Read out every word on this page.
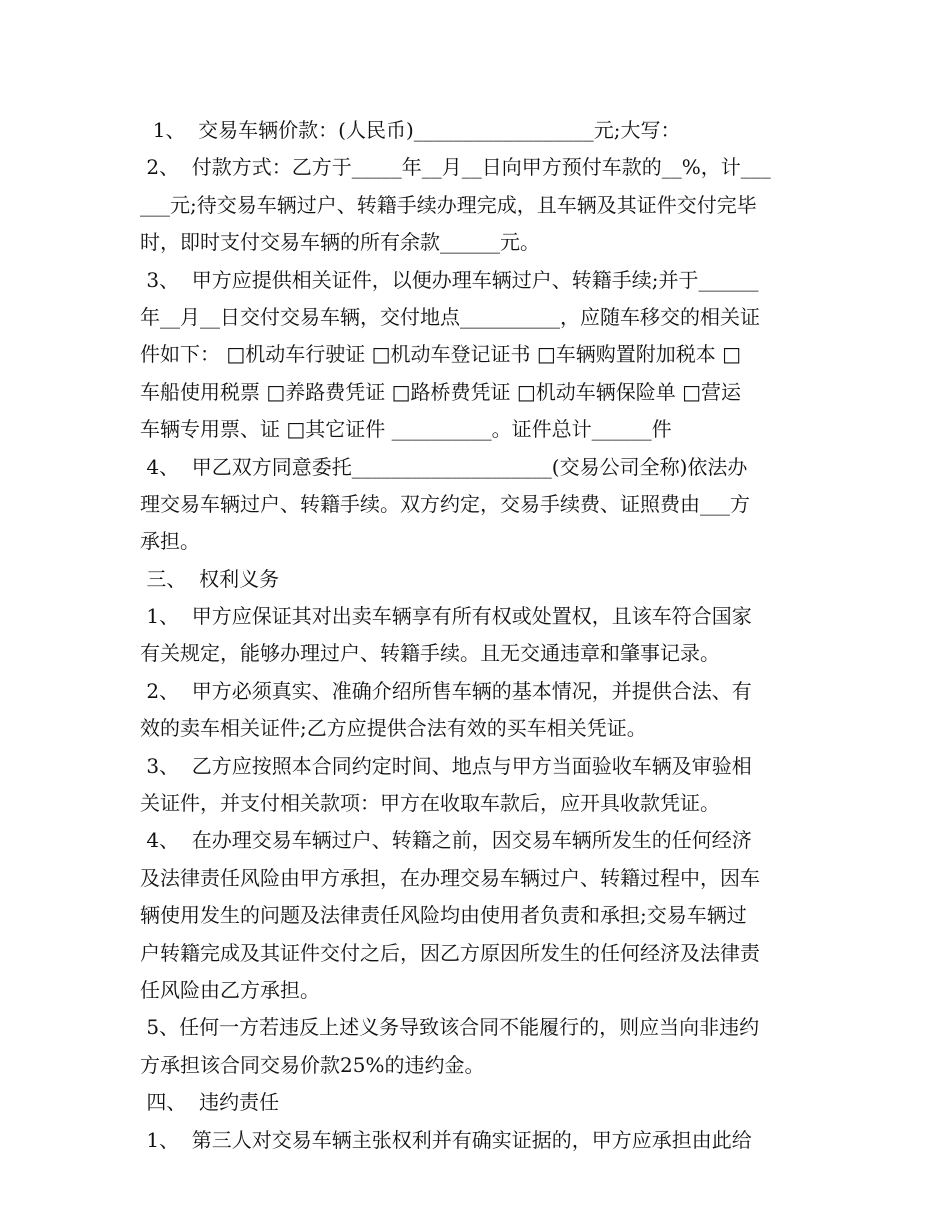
1、  交易车辆价款：(人民币)__________________元;大写：
2、  付款方式：乙方于_____年__月__日向甲方预付车款的__%，计___
___元;待交易车辆过户、转籍手续办理完成，且车辆及其证件交付完毕
时，即时支付交易车辆的所有余款______元。
3、  甲方应提供相关证件，以便办理车辆过户、转籍手续;并于______
年__月__日交付交易车辆，交付地点__________，应随车移交的相关证
件如下： □机动车行驶证 □机动车登记证书 □车辆购置附加税本 □
车船使用税票 □养路费凭证 □路桥费凭证 □机动车辆保险单 □营运
车辆专用票、证 □其它证件 __________。证件总计______件
4、  甲乙双方同意委托____________________(交易公司全称)依法办
理交易车辆过户、转籍手续。双方约定，交易手续费、证照费由___方
承担。
三、  权利义务
1、  甲方应保证其对出卖车辆享有所有权或处置权，且该车符合国家
有关规定，能够办理过户、转籍手续。且无交通违章和肇事记录。
2、  甲方必须真实、准确介绍所售车辆的基本情况，并提供合法、有
效的卖车相关证件;乙方应提供合法有效的买车相关凭证。
3、  乙方应按照本合同约定时间、地点与甲方当面验收车辆及审验相
关证件，并支付相关款项：甲方在收取车款后，应开具收款凭证。
4、  在办理交易车辆过户、转籍之前，因交易车辆所发生的任何经济
及法律责任风险由甲方承担，在办理交易车辆过户、转籍过程中，因车
辆使用发生的问题及法律责任风险均由使用者负责和承担;交易车辆过
户转籍完成及其证件交付之后，因乙方原因所发生的任何经济及法律责
任风险由乙方承担。
5、任何一方若违反上述义务导致该合同不能履行的，则应当向非违约
方承担该合同交易价款25%的违约金。
四、  违约责任
1、  第三人对交易车辆主张权利并有确实证据的，甲方应承担由此给
